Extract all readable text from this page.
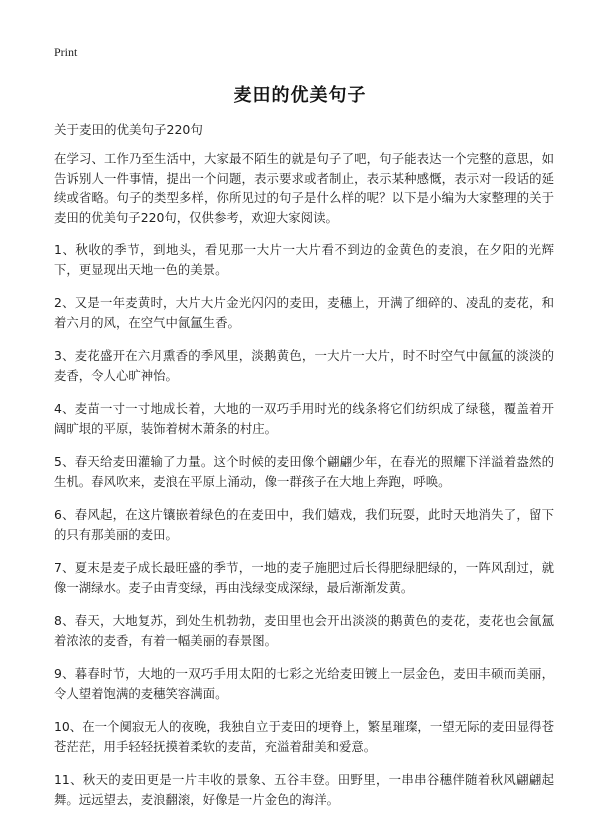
Print
麦田的优美句子
关于麦田的优美句子220句

在学习、工作乃至生活中，大家最不陌生的就是句子了吧，句子能表达一个完整的意思，如告诉别人一件事情，提出一个问题，表示要求或者制止，表示某种感慨，表示对一段话的延续或省略。句子的类型多样，你所见过的句子是什么样的呢？以下是小编为大家整理的关于麦田的优美句子220句，仅供参考，欢迎大家阅读。

1、秋收的季节，到地头，看见那一大片一大片看不到边的金黄色的麦浪，在夕阳的光辉下，更显现出天地一色的美景。

2、又是一年麦黄时，大片大片金光闪闪的麦田，麦穗上，开满了细碎的、凌乱的麦花，和着六月的风，在空气中氤氲生香。

3、麦花盛开在六月熏香的季风里，淡鹅黄色，一大片一大片，时不时空气中氤氲的淡淡的麦香，令人心旷神怡。

4、麦苗一寸一寸地成长着，大地的一双巧手用时光的线条将它们纺织成了绿毯，覆盖着开阔旷垠的平原，装饰着树木萧条的村庄。

5、春天给麦田灌输了力量。这个时候的麦田像个翩翩少年，在春光的照耀下洋溢着盎然的生机。春风吹来，麦浪在平原上涌动，像一群孩子在大地上奔跑，呼唤。

6、春风起，在这片镶嵌着绿色的在麦田中，我们嬉戏，我们玩耍，此时天地消失了，留下的只有那美丽的麦田。

7、夏末是麦子成长最旺盛的季节，一地的麦子施肥过后长得肥绿肥绿的，一阵风刮过，就像一湖绿水。麦子由青变绿，再由浅绿变成深绿，最后渐渐发黄。

8、春天，大地复苏，到处生机勃勃，麦田里也会开出淡淡的鹅黄色的麦花，麦花也会氤氲着浓浓的麦香，有着一幅美丽的春景图。

9、暮春时节，大地的一双巧手用太阳的七彩之光给麦田镀上一层金色，麦田丰硕而美丽，令人望着饱满的麦穗笑容满面。

10、在一个阒寂无人的夜晚，我独自立于麦田的埂脊上，繁星璀璨，一望无际的麦田显得苍苍茫茫，用手轻轻抚摸着柔软的麦苗，充溢着甜美和爱意。

11、秋天的麦田更是一片丰收的景象、五谷丰登。田野里，一串串谷穗伴随着秋风翩翩起舞。远远望去，麦浪翻滚，好像是一片金色的海洋。
